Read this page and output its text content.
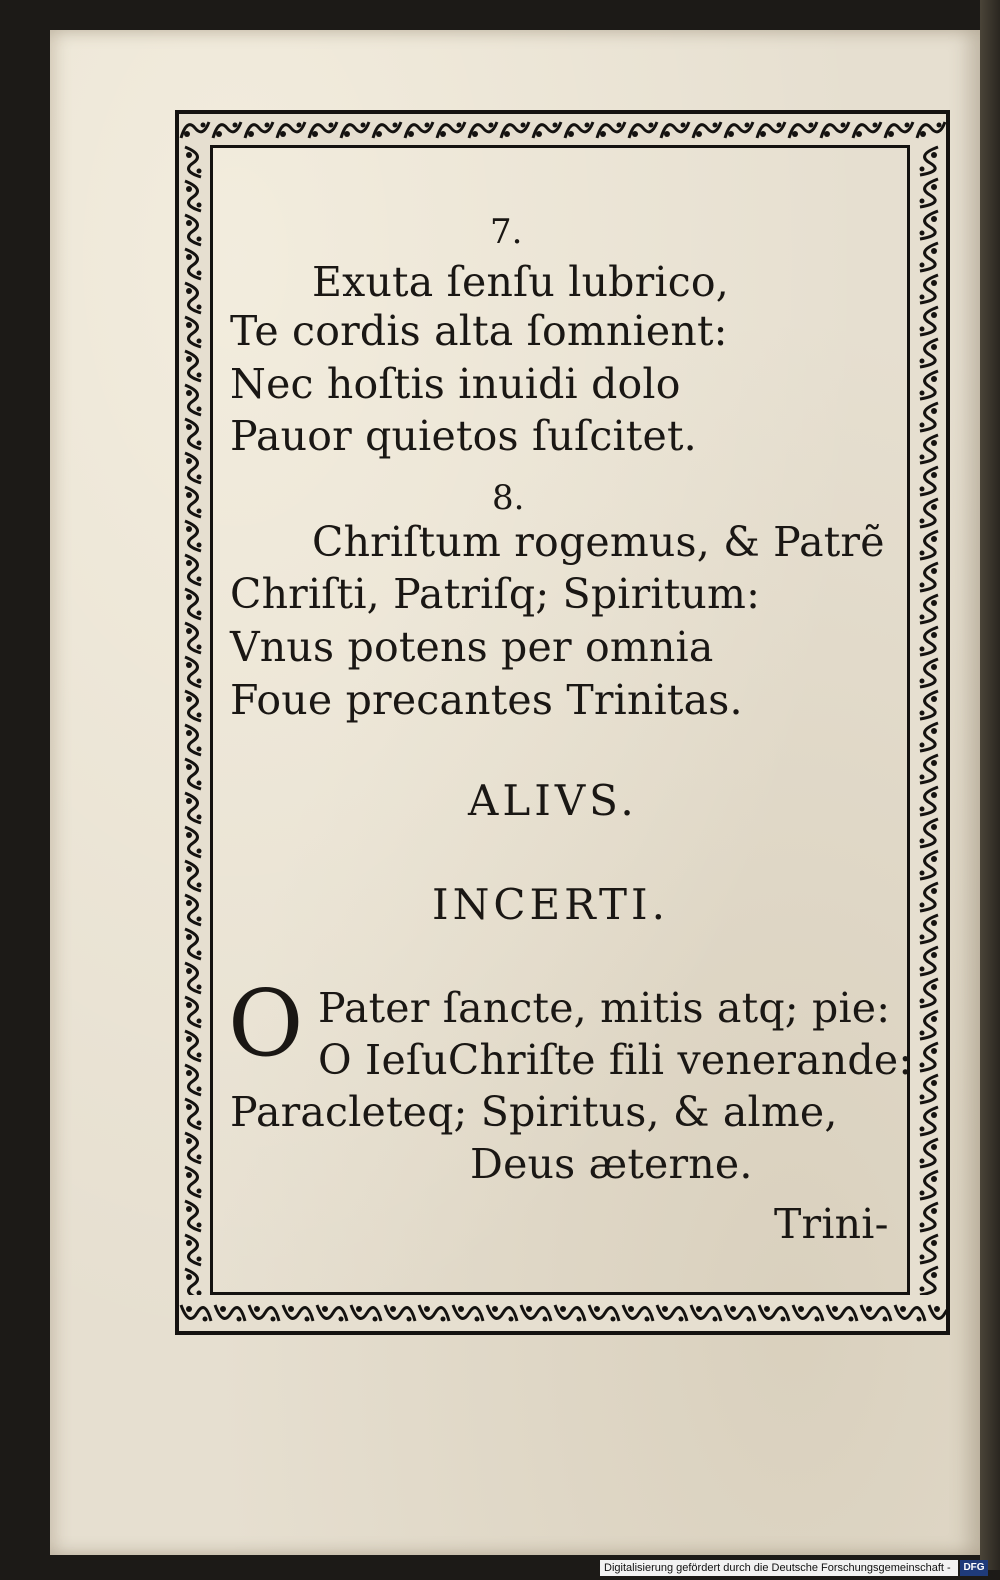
7.
Exuta ſenſu lubrico,
Te cordis alta ſomnient:
Nec hoſtis inuidi dolo
Pauor quietos ſuſcitet.
8.
Chriſtum rogemus, & Patrẽ
Chriſti, Patriſq; Spiritum:
Vnus potens per omnia
Foue precantes Trinitas.
ALIVS.
INCERTI.
O Pater ſancte, mitis atq; pie:
O IeſuChriſte fili venerande:
Paracleteq; Spiritus, & alme,
Deus æterne.
Trini-
Digitalisierung gefördert durch die Deutsche Forschungsgemeinschaft -	DFG
